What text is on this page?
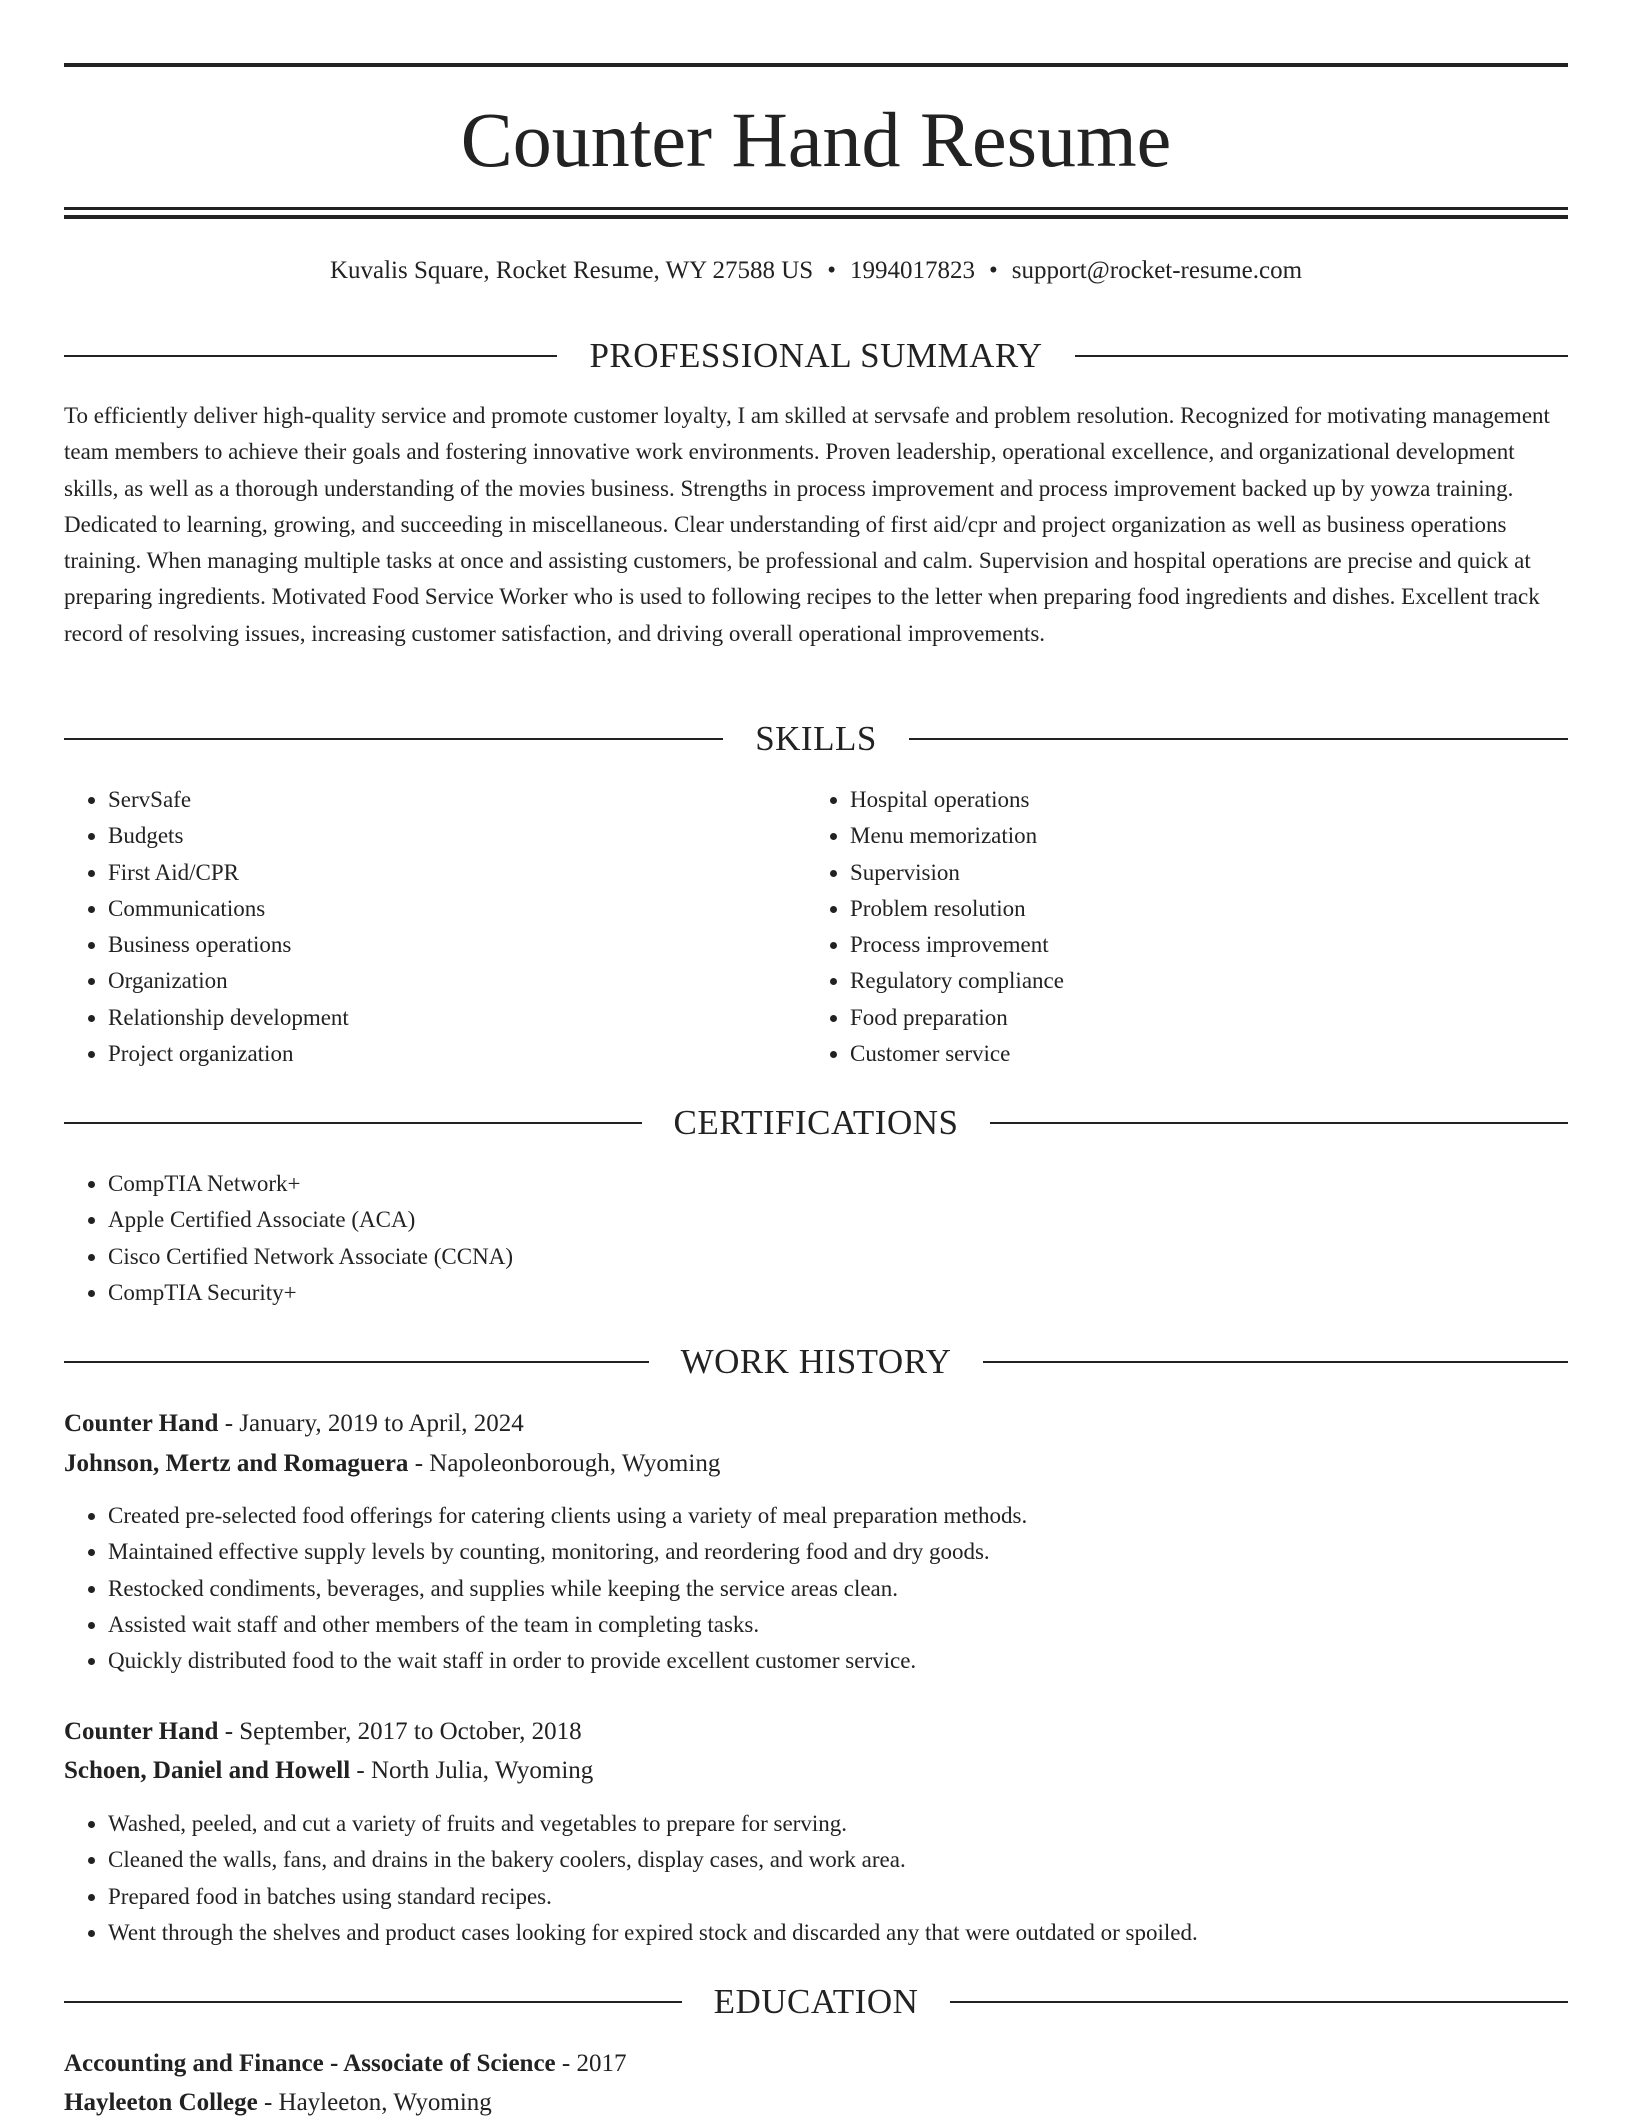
Counter Hand Resume
Kuvalis Square, Rocket Resume, WY 27588 US • 1994017823 • support@rocket-resume.com
PROFESSIONAL SUMMARY

To efficiently deliver high-quality service and promote customer loyalty, I am skilled at servsafe and problem resolution. Recognized for motivating management team members to achieve their goals and fostering innovative work environments. Proven leadership, operational excellence, and organizational development skills, as well as a thorough understanding of the movies business. Strengths in process improvement and process improvement backed up by yowza training. Dedicated to learning, growing, and succeeding in miscellaneous. Clear understanding of first aid/cpr and project organization as well as business operations training. When managing multiple tasks at once and assisting customers, be professional and calm. Supervision and hospital operations are precise and quick at preparing ingredients. Motivated Food Service Worker who is used to following recipes to the letter when preparing food ingredients and dishes. Excellent track record of resolving issues, increasing customer satisfaction, and driving overall operational improvements.

SKILLS
• ServSafe
• Budgets
• First Aid/CPR
• Communications
• Business operations
• Organization
• Relationship development
• Project organization
• Hospital operations
• Menu memorization
• Supervision
• Problem resolution
• Process improvement
• Regulatory compliance
• Food preparation
• Customer service
CERTIFICATIONS
• CompTIA Network+
• Apple Certified Associate (ACA)
• Cisco Certified Network Associate (CCNA)
• CompTIA Security+
WORK HISTORY
Counter Hand - January, 2019 to April, 2024
Johnson, Mertz and Romaguera - Napoleonborough, Wyoming
• Created pre-selected food offerings for catering clients using a variety of meal preparation methods.
• Maintained effective supply levels by counting, monitoring, and reordering food and dry goods.
• Restocked condiments, beverages, and supplies while keeping the service areas clean.
• Assisted wait staff and other members of the team in completing tasks.
• Quickly distributed food to the wait staff in order to provide excellent customer service.
Counter Hand - September, 2017 to October, 2018
Schoen, Daniel and Howell - North Julia, Wyoming
• Washed, peeled, and cut a variety of fruits and vegetables to prepare for serving.
• Cleaned the walls, fans, and drains in the bakery coolers, display cases, and work area.
• Prepared food in batches using standard recipes.
• Went through the shelves and product cases looking for expired stock and discarded any that were outdated or spoiled.
EDUCATION
Accounting and Finance - Associate of Science - 2017
Hayleeton College - Hayleeton, Wyoming
